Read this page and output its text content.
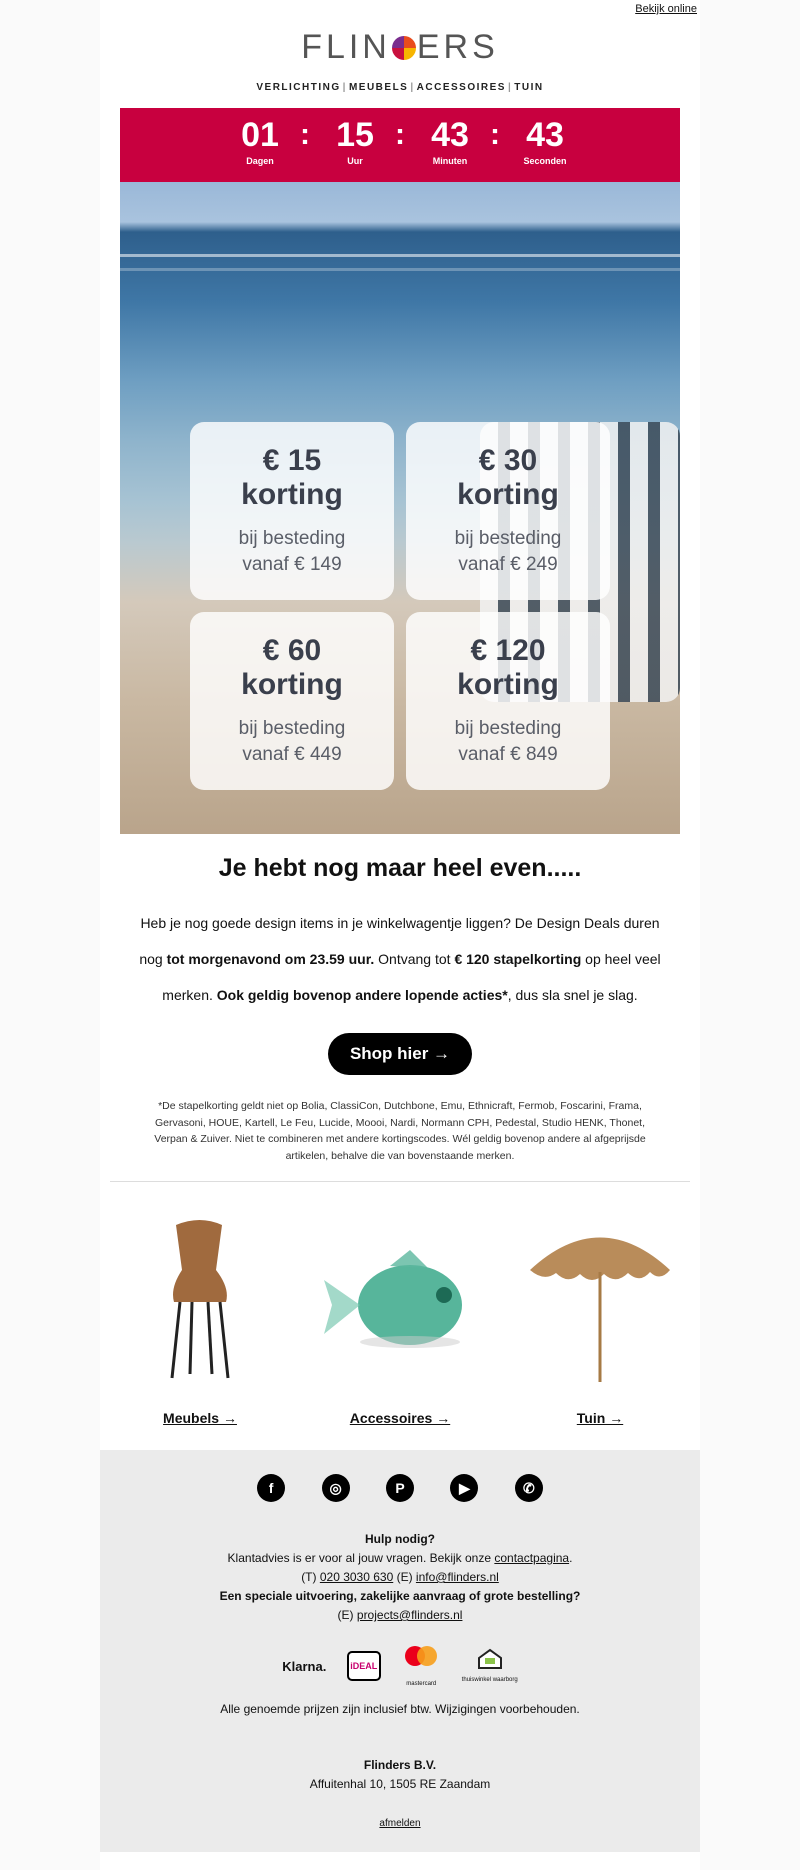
Bekijk online
FLIN ERS
VERLICHTING | MEUBELS | ACCESSOIRES | TUIN
01
Dagen
: 15
Uur
: 43
Minuten
: 43
Seconden
€ 15
korting
bij besteding
vanaf € 149
€ 30
korting
bij besteding
vanaf € 249
€ 60
korting
bij besteding
vanaf € 449
€ 120
korting
bij besteding
vanaf € 849
Je hebt nog maar heel even.....
Heb je nog goede design items in je winkelwagentje liggen? De Design Deals duren nog tot morgenavond om 23.59 uur. Ontvang tot € 120 stapelkorting op heel veel merken. Ook geldig bovenop andere lopende acties*, dus sla snel je slag.
Shop hier →
*De stapelkorting geldt niet op Bolia, ClassiCon, Dutchbone, Emu, Ethnicraft, Fermob, Foscarini, Frama, Gervasoni, HOUE, Kartell, Le Feu, Lucide, Moooi, Nardi, Normann CPH, Pedestal, Studio HENK, Thonet, Verpan & Zuiver. Niet te combineren met andere kortingscodes. Wél geldig bovenop andere al afgeprijsde artikelen, behalve die van bovenstaande merken.
Meubels →	Accessoires →	Tuin →
f	◎	P	▶	✆
Hulp nodig?
Klantadvies is er voor al jouw vragen. Bekijk onze contactpagina.
(T) 020 3030 630 (E) info@flinders.nl
Een speciale uitvoering, zakelijke aanvraag of grote bestelling?
(E) projects@flinders.nl
Klarna.	iDEAL
mastercard
thuiswinkel waarborg
Alle genoemde prijzen zijn inclusief btw. Wijzigingen voorbehouden.
Flinders B.V.
Affuitenhal 10, 1505 RE Zaandam
afmelden
